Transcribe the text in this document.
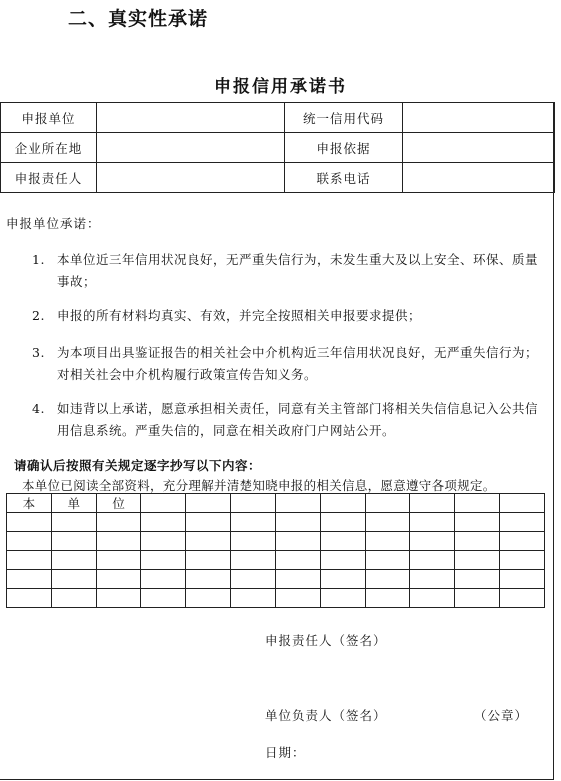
二、真实性承诺
申报信用承诺书
申报单位		统一信用代码	
企业所在地		申报依据	
申报责任人		联系电话	
申报单位承诺：
1. 本单位近三年信用状况良好，无严重失信行为，未发生重大及以上安全、环保、质量事故；
2. 申报的所有材料均真实、有效，并完全按照相关申报要求提供；
3. 为本项目出具鉴证报告的相关社会中介机构近三年信用状况良好，无严重失信行为；对相关社会中介机构履行政策宣传告知义务。
4. 如违背以上承诺，愿意承担相关责任，同意有关主管部门将相关失信信息记入公共信用信息系统。严重失信的，同意在相关政府门户网站公开。
请确认后按照有关规定逐字抄写以下内容：
本单位已阅读全部资料，充分理解并清楚知晓申报的相关信息，愿意遵守各项规定。
本	单	位									

申报责任人（签名）
单位负责人（签名）	（公章）
日期：
